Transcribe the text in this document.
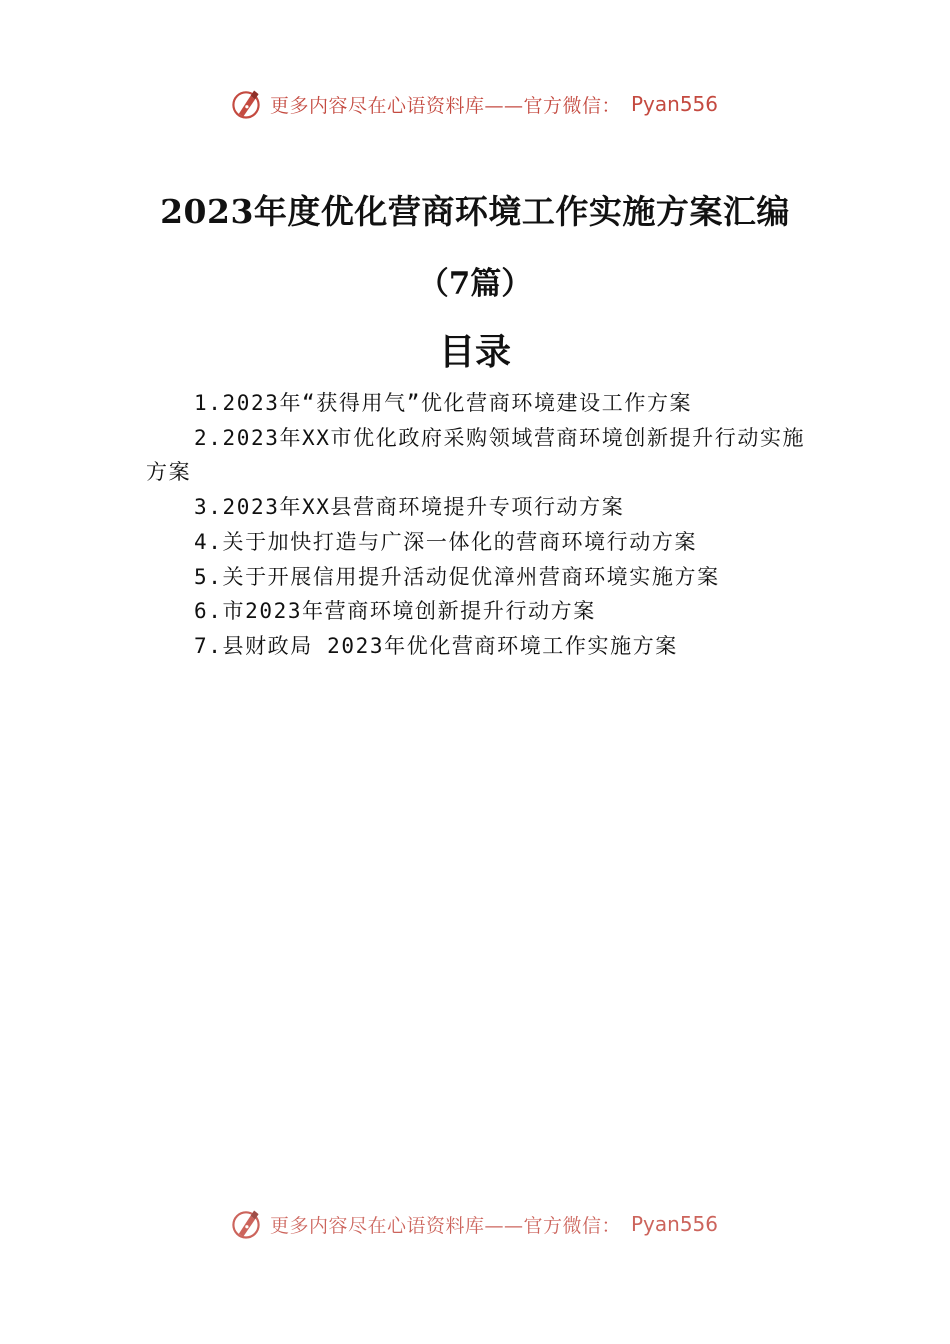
更多内容尽在心语资料库——官方微信： Pyan556
2023年度优化营商环境工作实施方案汇编
（7篇）
目录
1.2023年“获得用气”优化营商环境建设工作方案
2.2023年XX市优化政府采购领域营商环境创新提升行动实施方案
3.2023年XX县营商环境提升专项行动方案
4.关于加快打造与广深一体化的营商环境行动方案
5.关于开展信用提升活动促优漳州营商环境实施方案
6.市2023年营商环境创新提升行动方案
7.县财政局 2023年优化营商环境工作实施方案
更多内容尽在心语资料库——官方微信： Pyan556
